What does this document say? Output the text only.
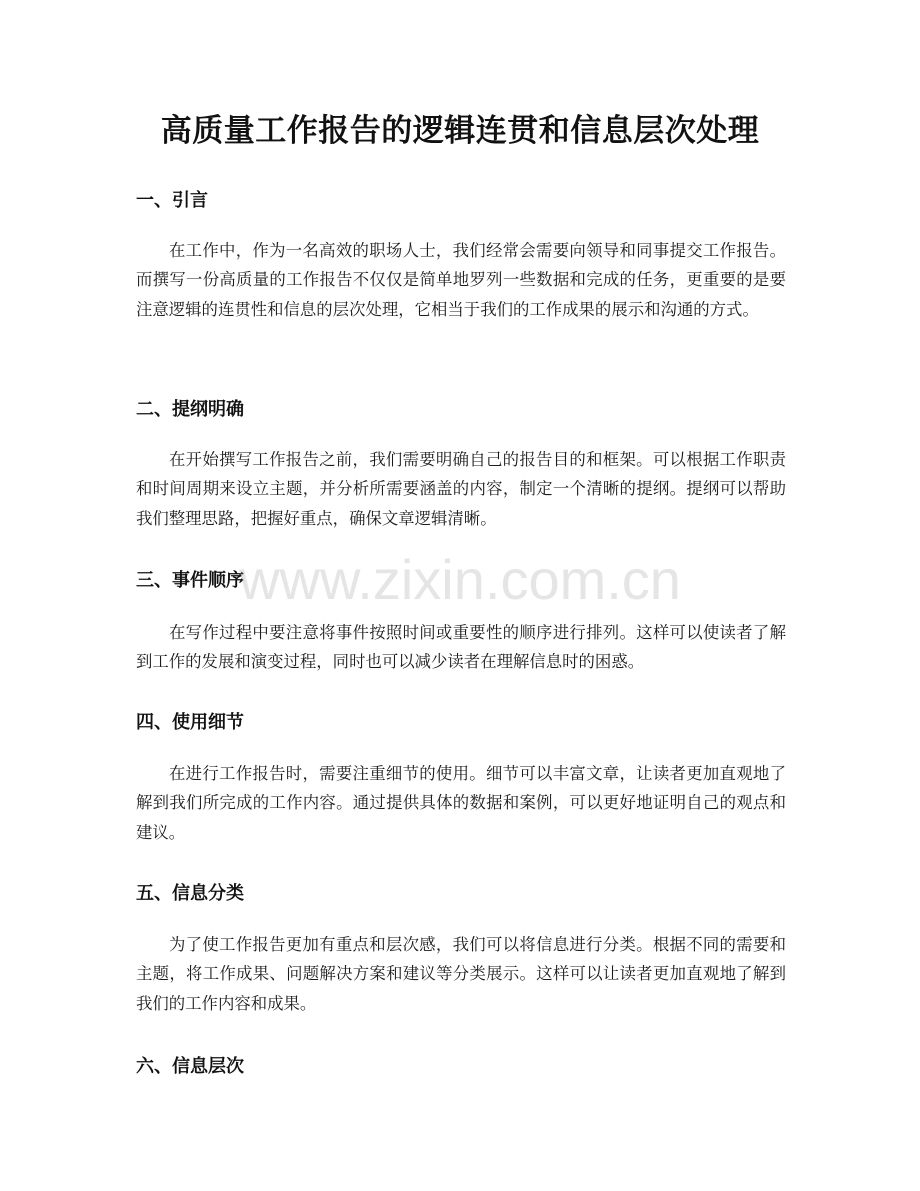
高质量工作报告的逻辑连贯和信息层次处理
一、引言

在工作中，作为一名高效的职场人士，我们经常会需要向领导和同事提交工作报告。而撰写一份高质量的工作报告不仅仅是简单地罗列一些数据和完成的任务，更重要的是要注意逻辑的连贯性和信息的层次处理，它相当于我们的工作成果的展示和沟通的方式。

二、提纲明确

在开始撰写工作报告之前，我们需要明确自己的报告目的和框架。可以根据工作职责和时间周期来设立主题，并分析所需要涵盖的内容，制定一个清晰的提纲。提纲可以帮助我们整理思路，把握好重点，确保文章逻辑清晰。

三、事件顺序

在写作过程中要注意将事件按照时间或重要性的顺序进行排列。这样可以使读者了解到工作的发展和演变过程，同时也可以减少读者在理解信息时的困惑。

四、使用细节

在进行工作报告时，需要注重细节的使用。细节可以丰富文章，让读者更加直观地了解到我们所完成的工作内容。通过提供具体的数据和案例，可以更好地证明自己的观点和建议。

五、信息分类

为了使工作报告更加有重点和层次感，我们可以将信息进行分类。根据不同的需要和主题，将工作成果、问题解决方案和建议等分类展示。这样可以让读者更加直观地了解到我们的工作内容和成果。

六、信息层次
www.zixin.com.cn
